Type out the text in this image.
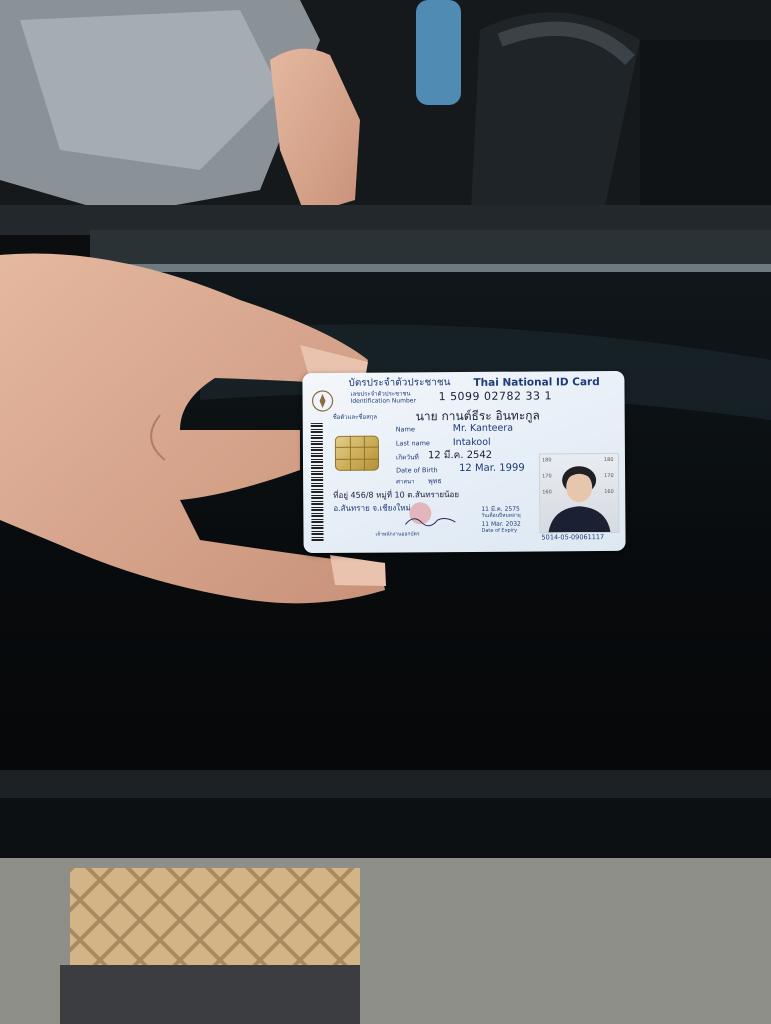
บัตรประจำตัวประชาชน Thai National ID Card
เลขประจำตัวประชาชน
Identification Number 1 5099 02782 33 1
ชื่อตัวและชื่อสกุล	นาย กานต์ธีระ อินทะกูล
Name	Mr. Kanteera
Last name Intakool
เกิดวันที่ 12 มี.ค. 2542
Date of Birth 12 Mar. 1999
ศาสนา พุทธ
ที่อยู่ 456/8 หมู่ที่ 10 ต.สันทรายน้อย
อ.สันทราย จ.เชียงใหม่
เจ้าพนักงานออกบัตร
11 มี.ค. 2575
วันเดือนปีหมดอายุ
11 Mar. 2032
Date of Expiry
180
170
160
180
170
160
5014-05-09061117
